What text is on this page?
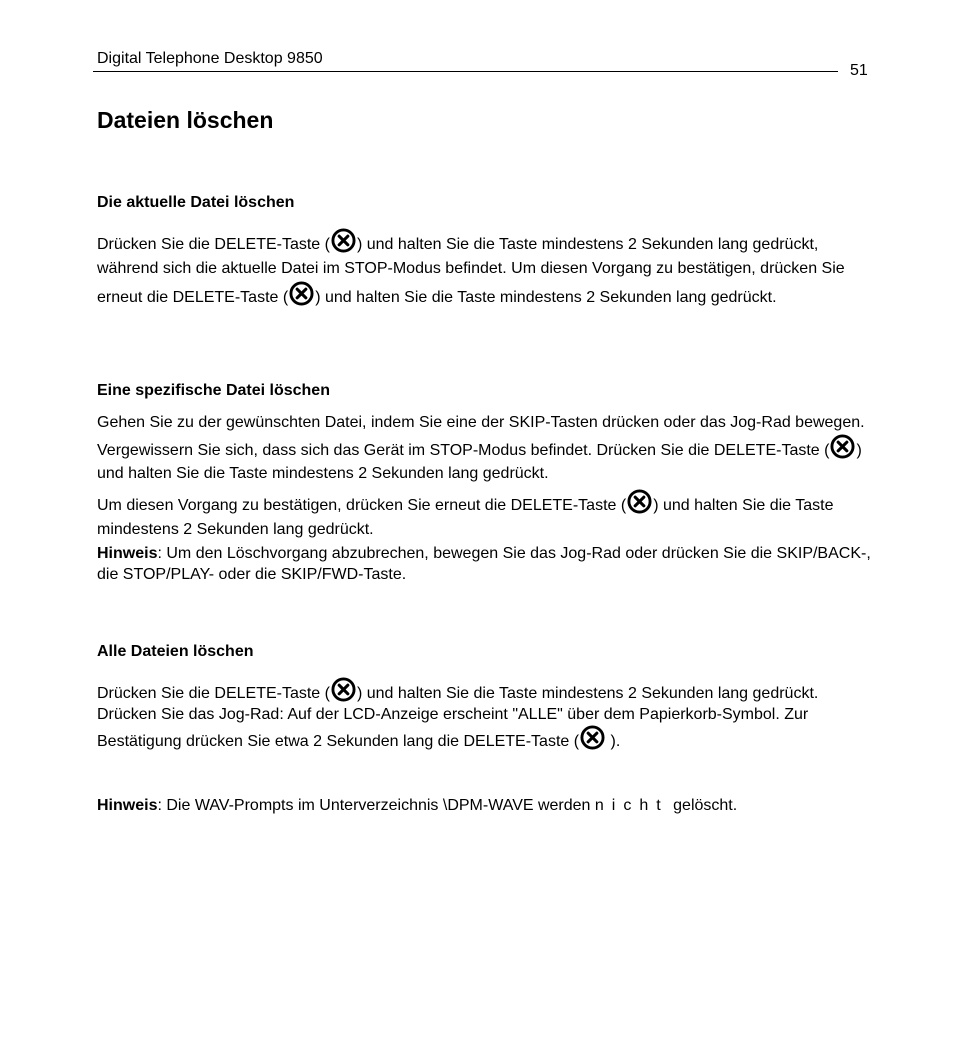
Digital Telephone Desktop 9850
51
Dateien löschen
Die aktuelle Datei löschen

Drücken Sie die DELETE-Taste ( ) und halten Sie die Taste mindestens 2 Sekunden lang gedrückt, während sich die aktuelle Datei im STOP-Modus befindet. Um diesen Vorgang zu bestätigen, drücken Sie erneut die DELETE-Taste ( ) und halten Sie die Taste mindestens 2 Sekunden lang gedrückt.

Eine spezifische Datei löschen

Gehen Sie zu der gewünschten Datei, indem Sie eine der SKIP-Tasten drücken oder das Jog-Rad bewegen. Vergewissern Sie sich, dass sich das Gerät im STOP-Modus befindet. Drücken Sie die DELETE-Taste ( ) und halten Sie die Taste mindestens 2 Sekunden lang gedrückt.

Um diesen Vorgang zu bestätigen, drücken Sie erneut die DELETE-Taste ( ) und halten Sie die Taste mindestens 2 Sekunden lang gedrückt.

Hinweis: Um den Löschvorgang abzubrechen, bewegen Sie das Jog-Rad oder drücken Sie die SKIP/BACK-, die STOP/PLAY- oder die SKIP/FWD-Taste.

Alle Dateien löschen

Drücken Sie die DELETE-Taste ( ) und halten Sie die Taste mindestens 2 Sekunden lang gedrückt. Drücken Sie das Jog-Rad: Auf der LCD-Anzeige erscheint "ALLE" über dem Papierkorb-Symbol. Zur Bestätigung drücken Sie etwa 2 Sekunden lang die DELETE-Taste (
).

Hinweis: Die WAV-Prompts im Unterverzeichnis \DPM-WAVE werden nicht gelöscht.
